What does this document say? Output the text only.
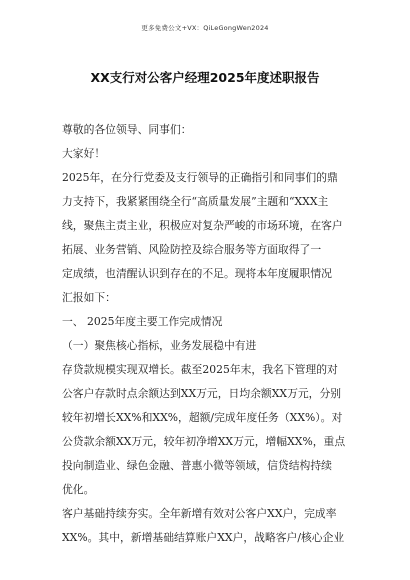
更多免费公文+VX：QiLeGongWen2024
XX支行对公客户经理2025年度述职报告

尊敬的各位领导、同事们：

大家好！

2025年，在分行党委及支行领导的正确指引和同事们的鼎

力支持下，我紧紧围绕全行“高质量发展”主题和“XXX主

线，聚焦主责主业，积极应对复杂严峻的市场环境，在客户

拓展、业务营销、风险防控及综合服务等方面取得了一

定成绩，也清醒认识到存在的不足。现将本年度履职情况

汇报如下：

一、 2025年度主要工作完成情况

（一）聚焦核心指标，业务发展稳中有进

存贷款规模实现双增长。截至2025年末，我名下管理的对

公客户存款时点余额达到XX万元，日均余额XX万元，分别

较年初增长XX%和XX%，超额/完成年度任务（XX%）。对

公贷款余额XX万元，较年初净增XX万元，增幅XX%，重点

投向制造业、绿色金融、普惠小微等领域，信贷结构持续

优化。

客户基础持续夯实。全年新增有效对公客户XX户，完成率

XX%。其中，新增基础结算账户XX户，战略客户/核心企业
